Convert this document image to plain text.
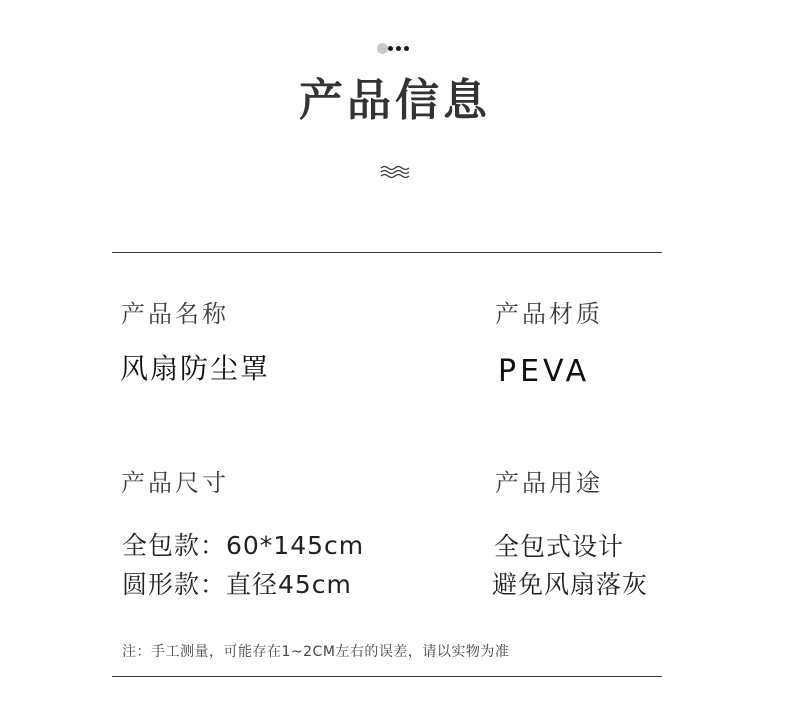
产品信息
产品名称
风扇防尘罩
产品材质
PEVA
产品尺寸
全包款：60*145cm
圆形款：直径45cm
产品用途
全包式设计
避免风扇落灰
注：手工测量，可能存在1~2CM左右的误差，请以实物为准
